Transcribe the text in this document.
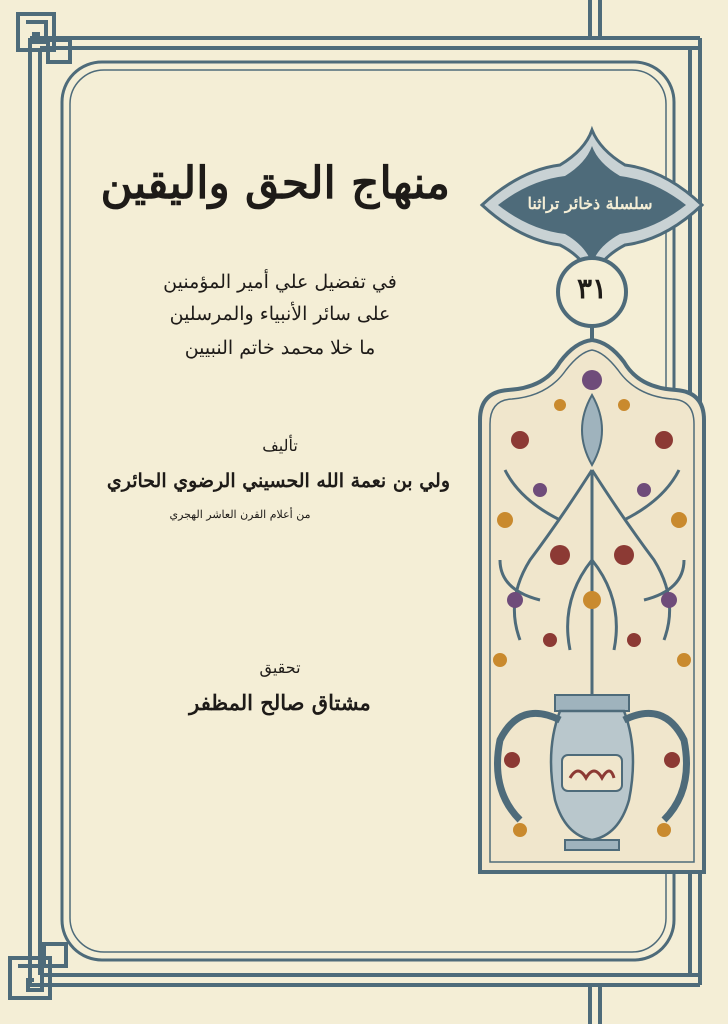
منهاج الحق واليقين
في تفضيل علي أمير المؤمنين
على سائر الأنبياء والمرسلين
ما خلا محمد خاتم النبيين
تأليف
ولي بن نعمة الله الحسيني الرضوي الحائري
من أعلام القرن العاشر الهجري
تحقيق
مشتاق صالح المظفر
سلسلة ذخائر تراثنا
٣١
